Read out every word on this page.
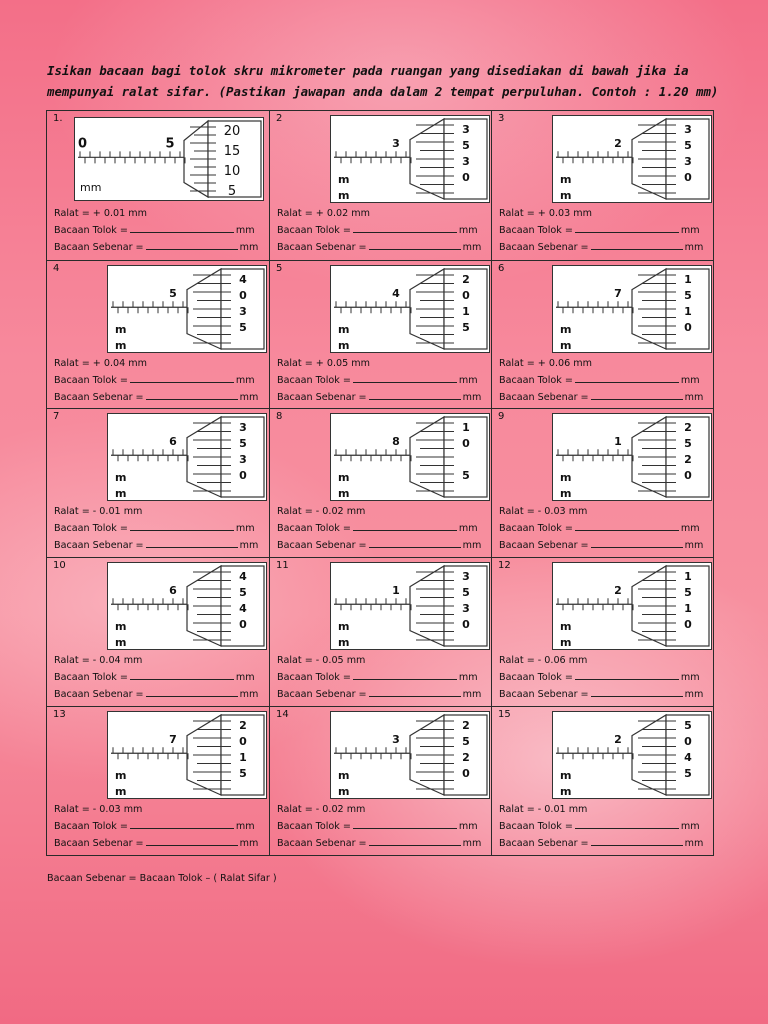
Isikan bacaan bagi tolok skru mikrometer pada ruangan yang disediakan di bawah jika ia
mempunyai ralat sifar. (Pastikan jawapan anda dalam 2 tempat perpuluhan. Contoh : 1.20 mm)
1.
5
0
mm
20
15
10
5
Ralat = + 0.01 mm
Bacaan Tolok =	mm
Bacaan Sebenar =	mm
2
3
m
m
3
5
3
0
Ralat = + 0.02 mm
Bacaan Tolok =	mm
Bacaan Sebenar =	mm
3
2
m
m
3
5
3
0
Ralat = + 0.03 mm
Bacaan Tolok =	mm
Bacaan Sebenar =	mm
4
5
m
m
4
0
3
5
Ralat = + 0.04 mm
Bacaan Tolok =	mm
Bacaan Sebenar =	mm
5
4
m
m
2
0
1
5
Ralat = + 0.05 mm
Bacaan Tolok =	mm
Bacaan Sebenar =	mm
6
7
m
m
1
5
1
0
Ralat = + 0.06 mm
Bacaan Tolok =	mm
Bacaan Sebenar =	mm
7
6
m
m
3
5
3
0
Ralat = - 0.01 mm
Bacaan Tolok =	mm
Bacaan Sebenar =	mm
8
8
m
m
1
0
5
Ralat = - 0.02 mm
Bacaan Tolok =	mm
Bacaan Sebenar =	mm
9
1
m
m
2
5
2
0
Ralat = - 0.03 mm
Bacaan Tolok =	mm
Bacaan Sebenar =	mm
10
6
m
m
4
5
4
0
Ralat = - 0.04 mm
Bacaan Tolok =	mm
Bacaan Sebenar =	mm
11
1
m
m
3
5
3
0
Ralat = - 0.05 mm
Bacaan Tolok =	mm
Bacaan Sebenar =	mm
12
2
m
m
1
5
1
0
Ralat = - 0.06 mm
Bacaan Tolok =	mm
Bacaan Sebenar =	mm
13
7
m
m
2
0
1
5
Ralat = - 0.03 mm
Bacaan Tolok =	mm
Bacaan Sebenar =	mm
14
3
m
m
2
5
2
0
Ralat = - 0.02 mm
Bacaan Tolok =	mm
Bacaan Sebenar =	mm
15
2
m
m
5
0
4
5
Ralat = - 0.01 mm
Bacaan Tolok =	mm
Bacaan Sebenar =	mm
Bacaan Sebenar = Bacaan Tolok – ( Ralat Sifar )
